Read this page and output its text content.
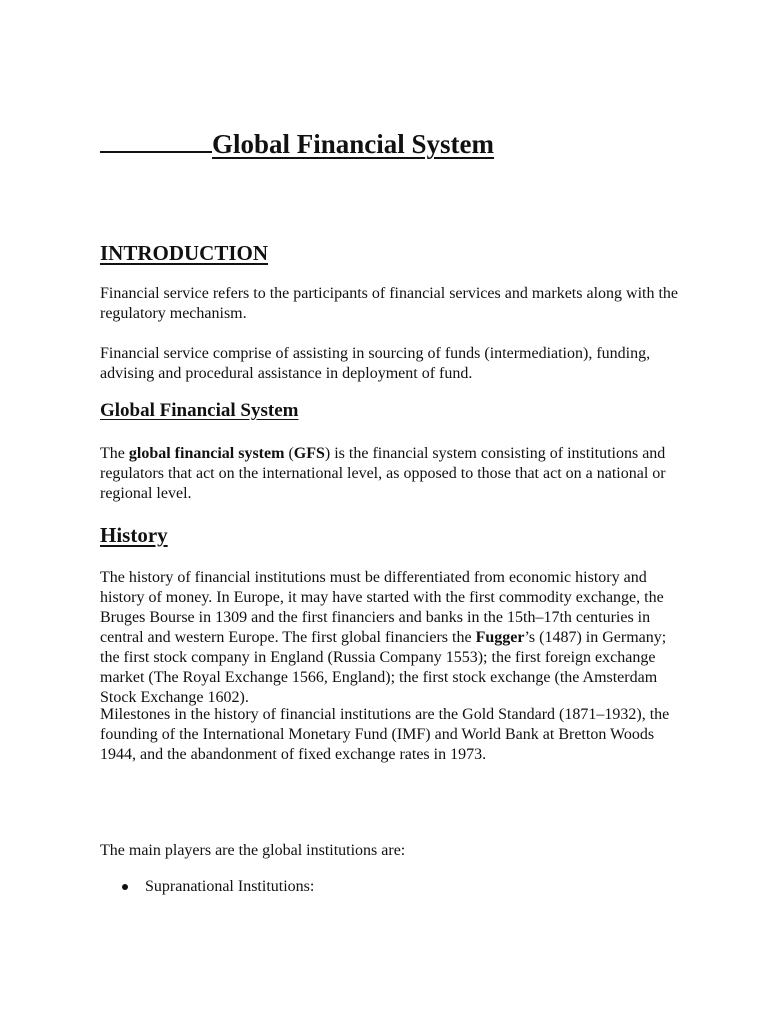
Global Financial System
INTRODUCTION

Financial service refers to the participants of financial services and markets along with the regulatory mechanism.

Financial service comprise of assisting in sourcing of funds (intermediation), funding, advising and procedural assistance in deployment of fund.

Global Financial System

The global financial system (GFS) is the financial system consisting of institutions and regulators that act on the international level, as opposed to those that act on a national or regional level.

History

The history of financial institutions must be differentiated from economic history and history of money. In Europe, it may have started with the first commodity exchange, the Bruges Bourse in 1309 and the first financiers and banks in the 15th–17th centuries in central and western Europe. The first global financiers the Fugger’s (1487) in Germany; the first stock company in England (Russia Company 1553); the first foreign exchange market (The Royal Exchange 1566, England); the first stock exchange (the Amsterdam Stock Exchange 1602).

Milestones in the history of financial institutions are the Gold Standard (1871–1932), the founding of the International Monetary Fund (IMF) and World Bank at Bretton Woods 1944, and the abandonment of fixed exchange rates in 1973.

The main players are the global institutions are:

Supranational Institutions:
